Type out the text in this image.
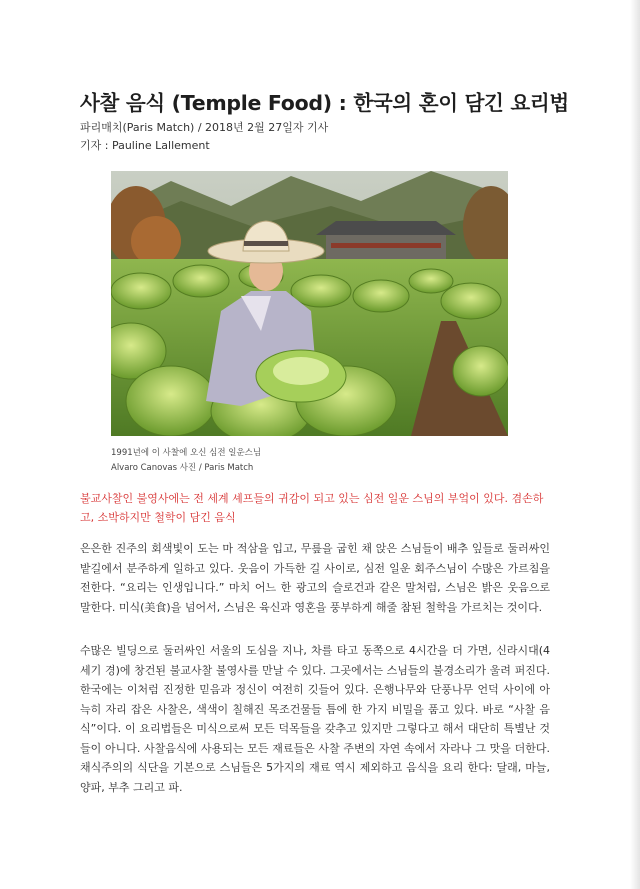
사찰 음식 (Temple Food) : 한국의 혼이 담긴 요리법
파리매치(Paris Match) / 2018년 2월 27일자 기사
기자 : Pauline Lallement
1991년에 이 사찰에 오신 심전 일운스님
Alvaro Canovas 사진 / Paris Match
불교사찰인 불영사에는 전 세계 셰프들의 귀감이 되고 있는 심전 일운 스님의 부엌이 있다. 겸손하고, 소박하지만 철학이 담긴 음식

은은한 진주의 회색빛이 도는 마 적삼을 입고, 무릎을 굽힌 채 앉은 스님들이 배추 잎들로 둘러싸인 밭길에서 분주하게 일하고 있다. 웃음이 가득한 길 사이로, 심전 일운 회주스님이 수많은 가르침을 전한다. “요리는 인생입니다.” 마치 어느 한 광고의 슬로건과 같은 말처럼, 스님은 밝은 웃음으로 말한다. 미식(美食)을 넘어서, 스님은 육신과 영혼을 풍부하게 해줄 참된 철학을 가르치는 것이다.

수많은 빌딩으로 둘러싸인 서울의 도심을 지나, 차를 타고 동쪽으로 4시간을 더 가면, 신라시대(4세기 경)에 창건된 불교사찰 불영사를 만날 수 있다. 그곳에서는 스님들의 불경소리가 울려 퍼진다. 한국에는 이처럼 진정한 믿음과 정신이 여전히 깃들어 있다. 은행나무와 단풍나무 언덕 사이에 아늑히 자리 잡은 사찰은, 색색이 칠해진 목조건물들 틈에 한 가지 비밀을 품고 있다. 바로 “사찰 음식”이다. 이 요리법들은 미식으로써 모든 덕목들을 갖추고 있지만 그렇다고 해서 대단히 특별난 것들이 아니다. 사찰음식에 사용되는 모든 재료들은 사찰 주변의 자연 속에서 자라나 그 맛을 더한다. 채식주의의 식단을 기본으로 스님들은 5가지의 재료 역시 제외하고 음식을 요리 한다: 달래, 마늘, 양파, 부추 그리고 파.
